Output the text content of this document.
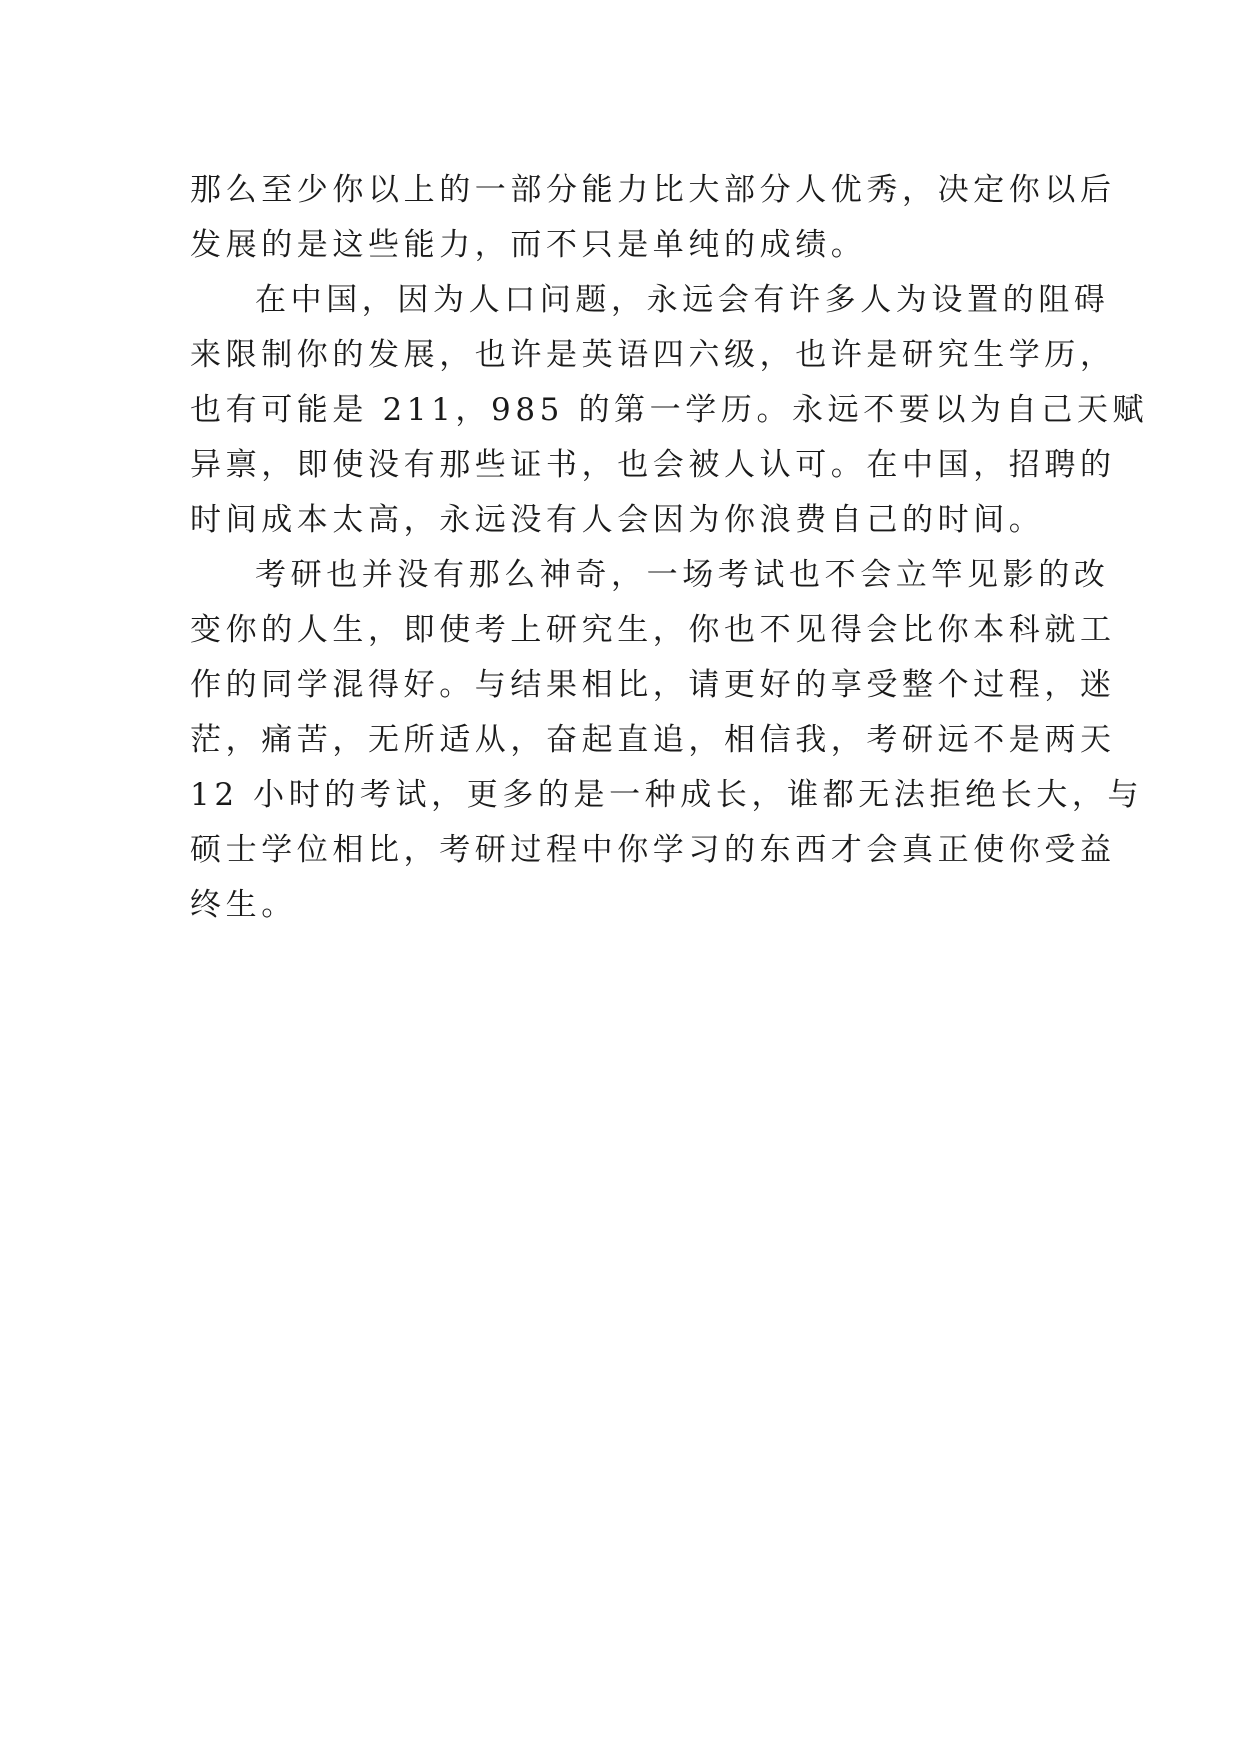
那么至少你以上的一部分能力比大部分人优秀，决定你以后
发展的是这些能力，而不只是单纯的成绩。
在中国，因为人口问题，永远会有许多人为设置的阻碍
来限制你的发展，也许是英语四六级，也许是研究生学历，
也有可能是 211，985 的第一学历。永远不要以为自己天赋
异禀，即使没有那些证书，也会被人认可。在中国，招聘的
时间成本太高，永远没有人会因为你浪费自己的时间。
考研也并没有那么神奇，一场考试也不会立竿见影的改
变你的人生，即使考上研究生，你也不见得会比你本科就工
作的同学混得好。与结果相比，请更好的享受整个过程，迷
茫，痛苦，无所适从，奋起直追，相信我，考研远不是两天
12 小时的考试，更多的是一种成长，谁都无法拒绝长大，与
硕士学位相比，考研过程中你学习的东西才会真正使你受益
终生。
